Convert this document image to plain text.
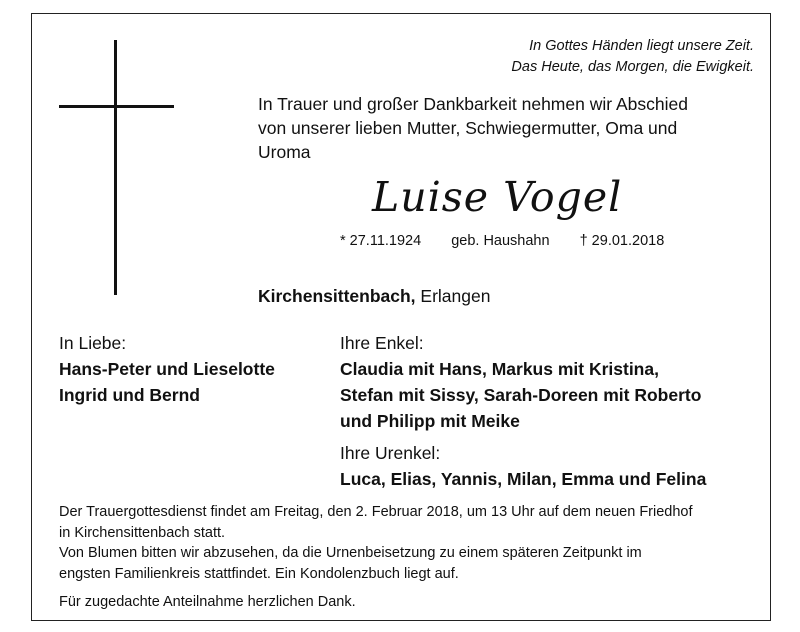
In Gottes Händen liegt unsere Zeit.
Das Heute, das Morgen, die Ewigkeit.
In Trauer und großer Dankbarkeit nehmen wir Abschied
von unserer lieben Mutter, Schwiegermutter, Oma und
Uroma
Luise Vogel
* 27.11.1924 geb. Haushahn † 29.01.2018
Kirchensittenbach, Erlangen
In Liebe:
Hans-Peter und Lieselotte
Ingrid und Bernd
Ihre Enkel:
Claudia mit Hans, Markus mit Kristina,
Stefan mit Sissy, Sarah-Doreen mit Roberto
und Philipp mit Meike
Ihre Urenkel:
Luca, Elias, Yannis, Milan, Emma und Felina

Der Trauergottesdienst findet am Freitag, den 2. Februar 2018, um 13 Uhr auf dem neuen Friedhof

in Kirchensittenbach statt.

Von Blumen bitten wir abzusehen, da die Urnenbeisetzung zu einem späteren Zeitpunkt im

engsten Familienkreis stattfindet. Ein Kondolenzbuch liegt auf.

Für zugedachte Anteilnahme herzlichen Dank.
